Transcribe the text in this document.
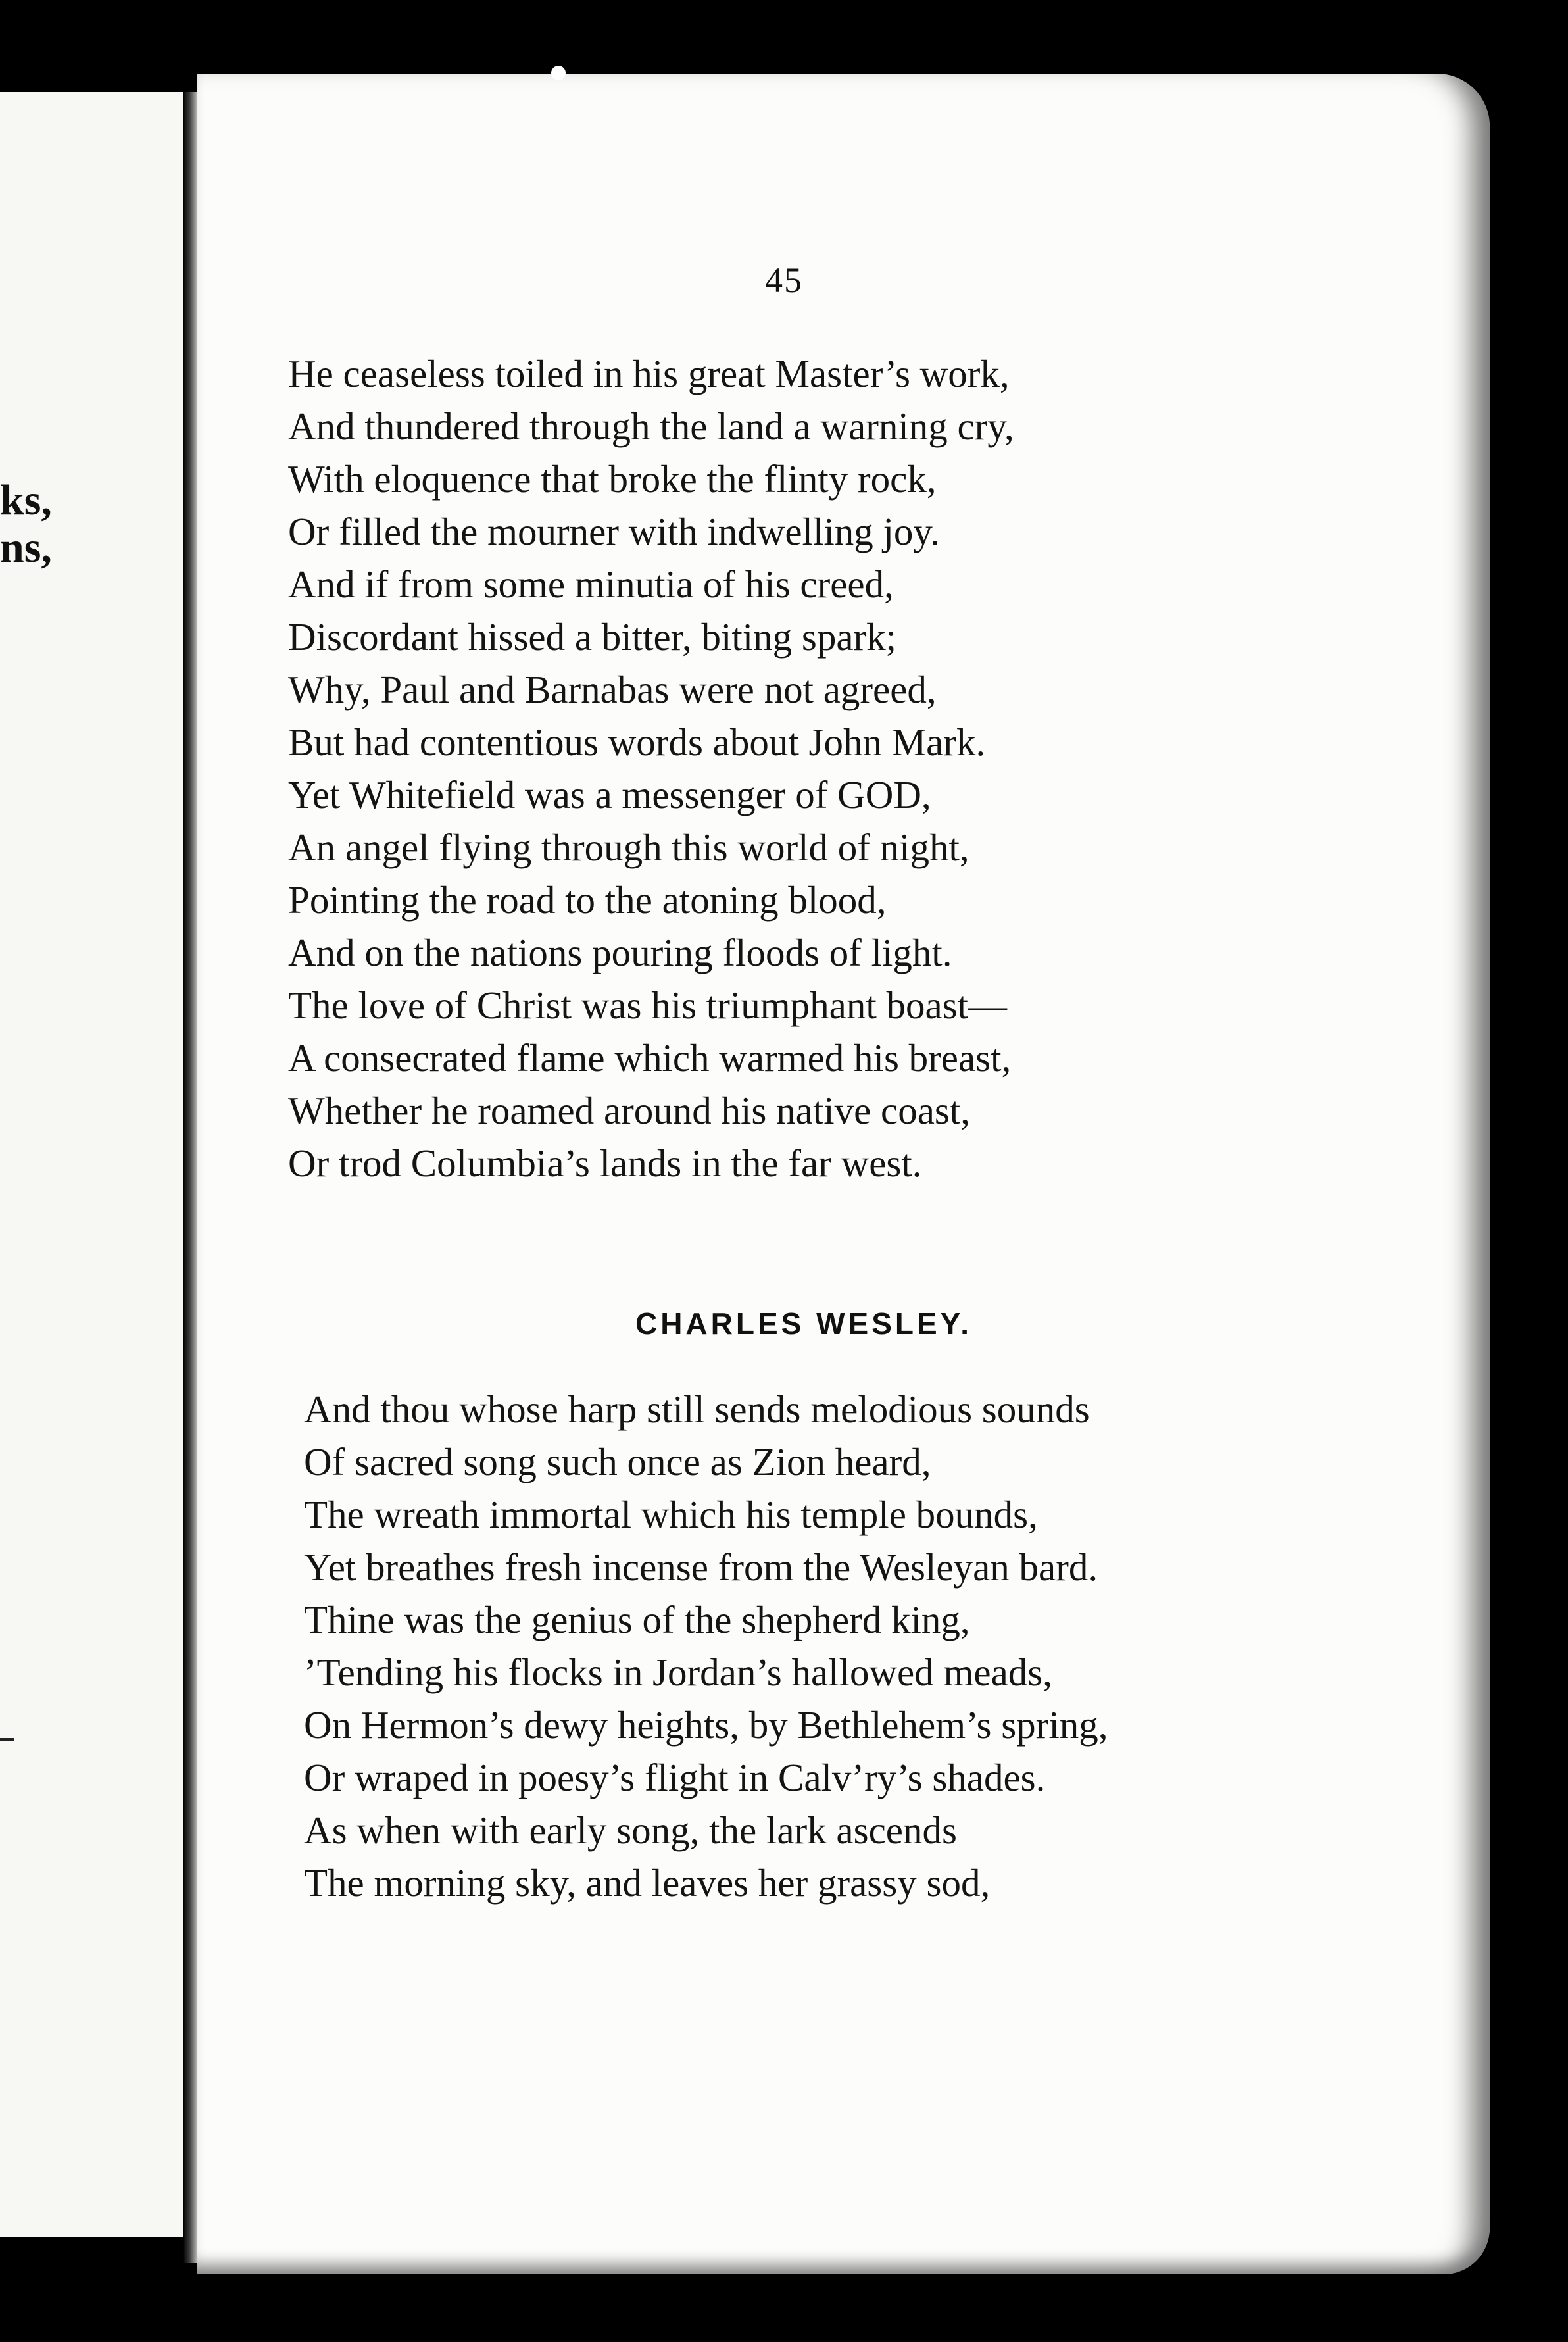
ks,
ns,
45
He ceaseless toiled in his great Master’s work,
And thundered through the land a warning cry,
With eloquence that broke the flinty rock,
Or filled the mourner with indwelling joy.
And if from some minutia of his creed,
Discordant hissed a bitter, biting spark;
Why, Paul and Barnabas were not agreed,
But had contentious words about John Mark.
Yet Whitefield was a messenger of GOD,
An angel flying through this world of night,
Pointing the road to the atoning blood,
And on the nations pouring floods of light.
The love of Christ was his triumphant boast—
A consecrated flame which warmed his breast,
Whether he roamed around his native coast,
Or trod Columbia’s lands in the far west.
CHARLES WESLEY.
And thou whose harp still sends melodious sounds
Of sacred song such once as Zion heard,
The wreath immortal which his temple bounds,
Yet breathes fresh incense from the Wesleyan bard.
Thine was the genius of the shepherd king,
’Tending his flocks in Jordan’s hallowed meads,
On Hermon’s dewy heights, by Bethlehem’s spring,
Or wraped in poesy’s flight in Calv’ry’s shades.
As when with early song, the lark ascends
The morning sky, and leaves her grassy sod,
